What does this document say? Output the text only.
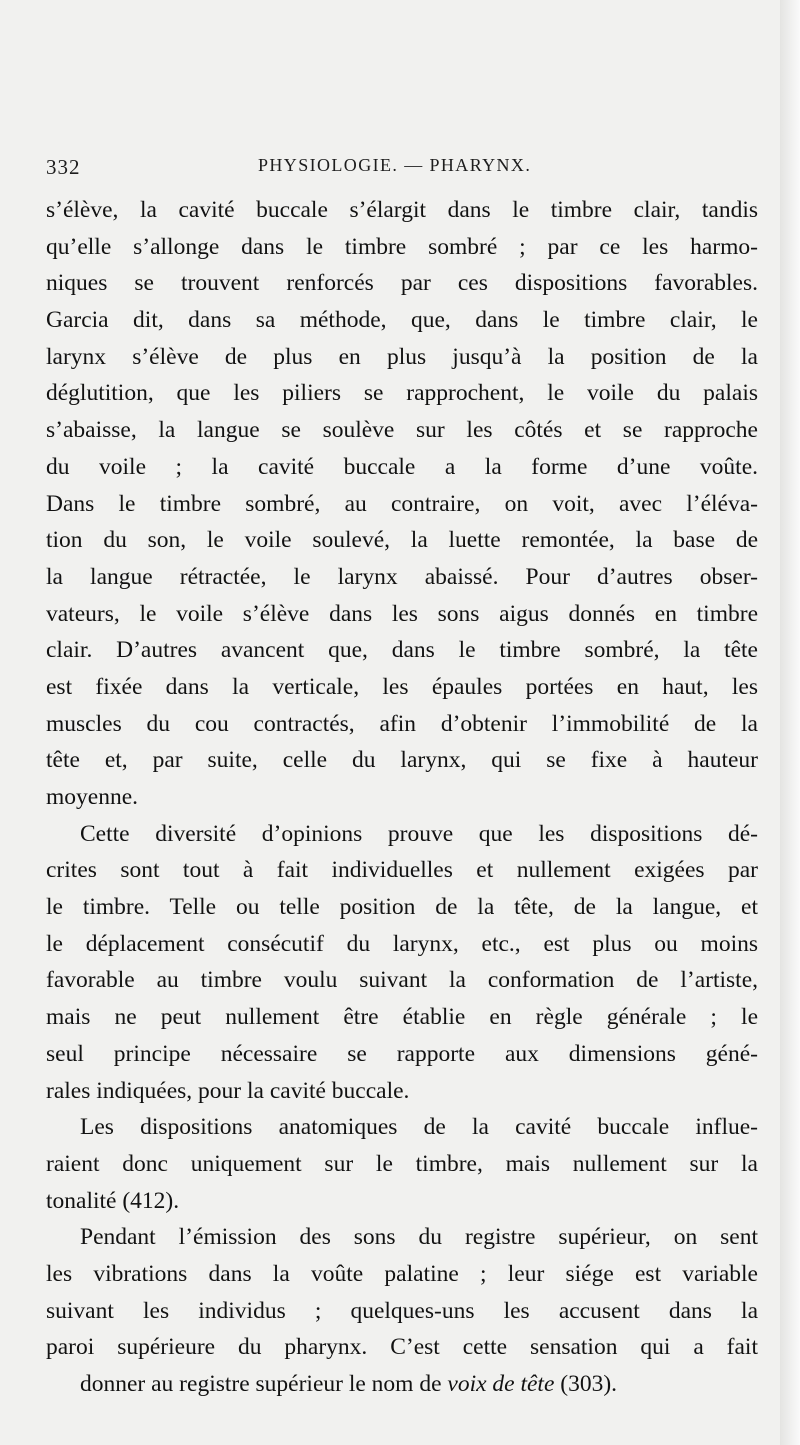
332	PHYSIOLOGIE. — PHARYNX.
s’élève, la cavité buccale s’élargit dans le timbre clair, tandis
qu’elle s’allonge dans le timbre sombré ; par ce les harmo-
niques se trouvent renforcés par ces dispositions favorables.
Garcia dit, dans sa méthode, que, dans le timbre clair, le
larynx s’élève de plus en plus jusqu’à la position de la
déglutition, que les piliers se rapprochent, le voile du palais
s’abaisse, la langue se soulève sur les côtés et se rapproche
du voile ; la cavité buccale a la forme d’une voûte.
Dans le timbre sombré, au contraire, on voit, avec l’éléva-
tion du son, le voile soulevé, la luette remontée, la base de
la langue rétractée, le larynx abaissé. Pour d’autres obser-
vateurs, le voile s’élève dans les sons aigus donnés en timbre
clair. D’autres avancent que, dans le timbre sombré, la tête
est fixée dans la verticale, les épaules portées en haut, les
muscles du cou contractés, afin d’obtenir l’immobilité de la
tête et, par suite, celle du larynx, qui se fixe à hauteur
moyenne.
Cette diversité d’opinions prouve que les dispositions dé-
crites sont tout à fait individuelles et nullement exigées par
le timbre. Telle ou telle position de la tête, de la langue, et
le déplacement consécutif du larynx, etc., est plus ou moins
favorable au timbre voulu suivant la conformation de l’artiste,
mais ne peut nullement être établie en règle générale ; le
seul principe nécessaire se rapporte aux dimensions géné-
rales indiquées, pour la cavité buccale.
Les dispositions anatomiques de la cavité buccale influe-
raient donc uniquement sur le timbre, mais nullement sur la
tonalité (412).
Pendant l’émission des sons du registre supérieur, on sent
les vibrations dans la voûte palatine ; leur siége est variable
suivant les individus ; quelques-uns les accusent dans la
paroi supérieure du pharynx. C’est cette sensation qui a fait
donner au registre supérieur le nom de voix de tête (303).
